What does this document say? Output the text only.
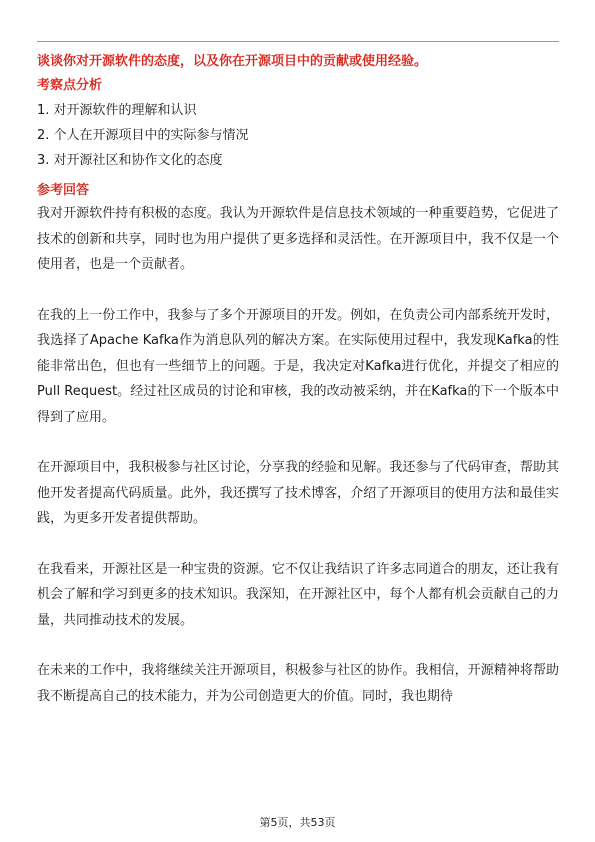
谈谈你对开源软件的态度，以及你在开源项目中的贡献或使用经验。

考察点分析

1. 对开源软件的理解和认识

2. 个人在开源项目中的实际参与情况

3. 对开源社区和协作文化的态度

参考回答

我对开源软件持有积极的态度。我认为开源软件是信息技术领域的一种重要趋势，它促进了技术的创新和共享，同时也为用户提供了更多选择和灵活性。在开源项目中，我不仅是一个使用者，也是一个贡献者。

在我的上一份工作中，我参与了多个开源项目的开发。例如，在负责公司内部系统开发时，我选择了Apache Kafka作为消息队列的解决方案。在实际使用过程中，我发现Kafka的性能非常出色，但也有一些细节上的问题。于是，我决定对Kafka进行优化，并提交了相应的Pull Request。经过社区成员的讨论和审核，我的改动被采纳，并在Kafka的下一个版本中得到了应用。

在开源项目中，我积极参与社区讨论，分享我的经验和见解。我还参与了代码审查，帮助其他开发者提高代码质量。此外，我还撰写了技术博客，介绍了开源项目的使用方法和最佳实践，为更多开发者提供帮助。

在我看来，开源社区是一种宝贵的资源。它不仅让我结识了许多志同道合的朋友，还让我有机会了解和学习到更多的技术知识。我深知，在开源社区中，每个人都有机会贡献自己的力量，共同推动技术的发展。

在未来的工作中，我将继续关注开源项目，积极参与社区的协作。我相信，开源精神将帮助我不断提高自己的技术能力，并为公司创造更大的价值。同时，我也期待

第5页，共53页
